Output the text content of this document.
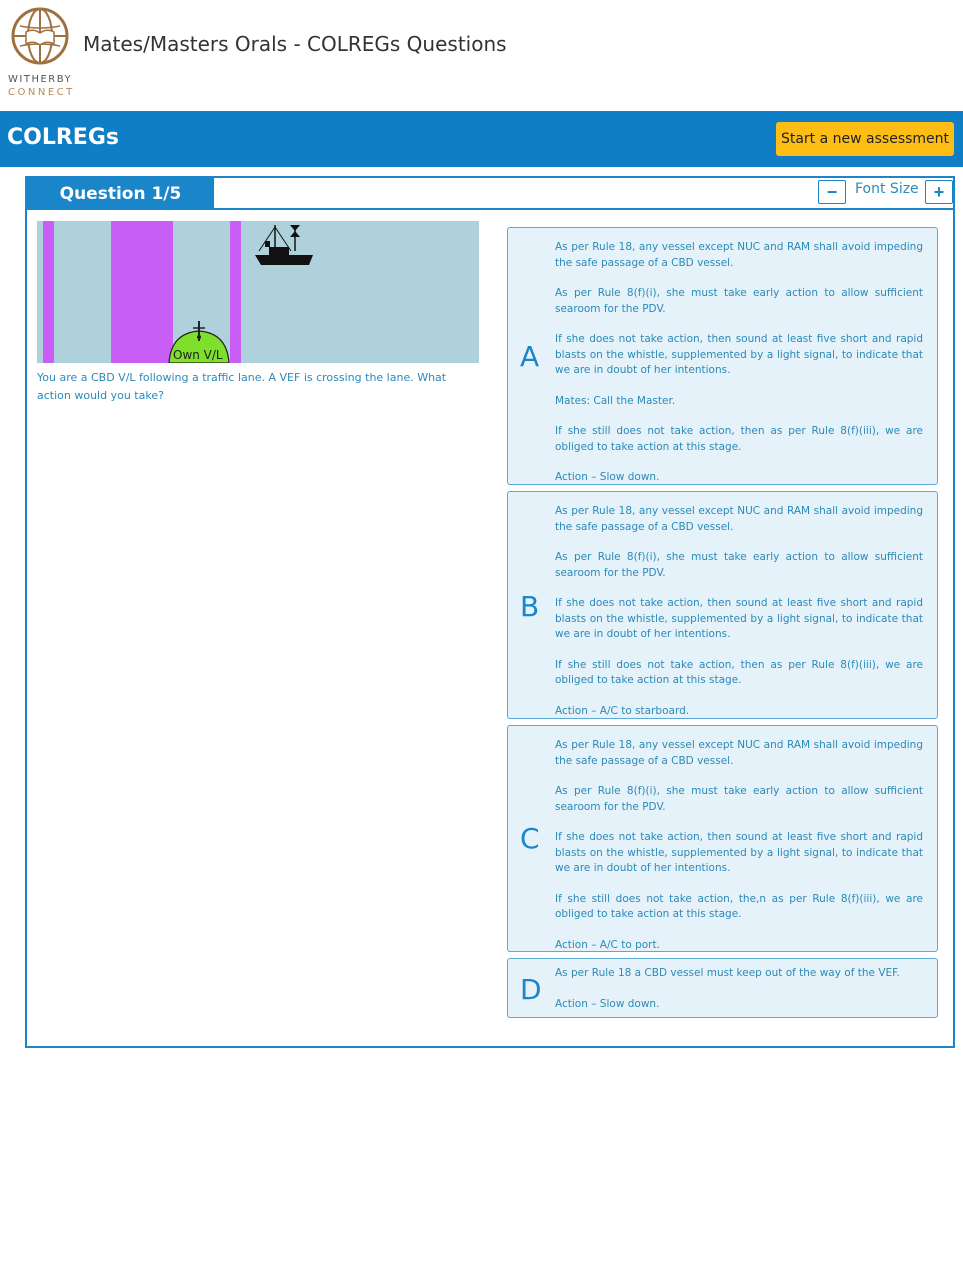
WITHERBY
CONNECT
Mates/Masters Orals - COLREGs Questions
COLREGs	Start a new assessment
Question 1/5	−	Font Size +
Own V/L
You are a CBD V/L following a traffic lane. A VEF is crossing the lane. What action would you take?
A

As per Rule 18, any vessel except NUC and RAM shall avoid impeding the safe passage of a CBD vessel.

As per Rule 8(f)(i), she must take early action to allow sufficient searoom for the PDV.

If she does not take action, then sound at least five short and rapid blasts on the whistle, supplemented by a light signal, to indicate that we are in doubt of her intentions.

Mates: Call the Master.

If she still does not take action, then as per Rule 8(f)(iii), we are obliged to take action at this stage.

Action – Slow down.

B

As per Rule 18, any vessel except NUC and RAM shall avoid impeding the safe passage of a CBD vessel.

As per Rule 8(f)(i), she must take early action to allow sufficient searoom for the PDV.

If she does not take action, then sound at least five short and rapid blasts on the whistle, supplemented by a light signal, to indicate that we are in doubt of her intentions.

If she still does not take action, then as per Rule 8(f)(iii), we are obliged to take action at this stage.

Action – A/C to starboard.

C

As per Rule 18, any vessel except NUC and RAM shall avoid impeding the safe passage of a CBD vessel.

As per Rule 8(f)(i), she must take early action to allow sufficient searoom for the PDV.

If she does not take action, then sound at least five short and rapid blasts on the whistle, supplemented by a light signal, to indicate that we are in doubt of her intentions.

If she still does not take action, the,n as per Rule 8(f)(iii), we are obliged to take action at this stage.

Action – A/C to port.

D As per Rule 18 a CBD vessel must keep out of the way of the VEF.

Action – Slow down.
